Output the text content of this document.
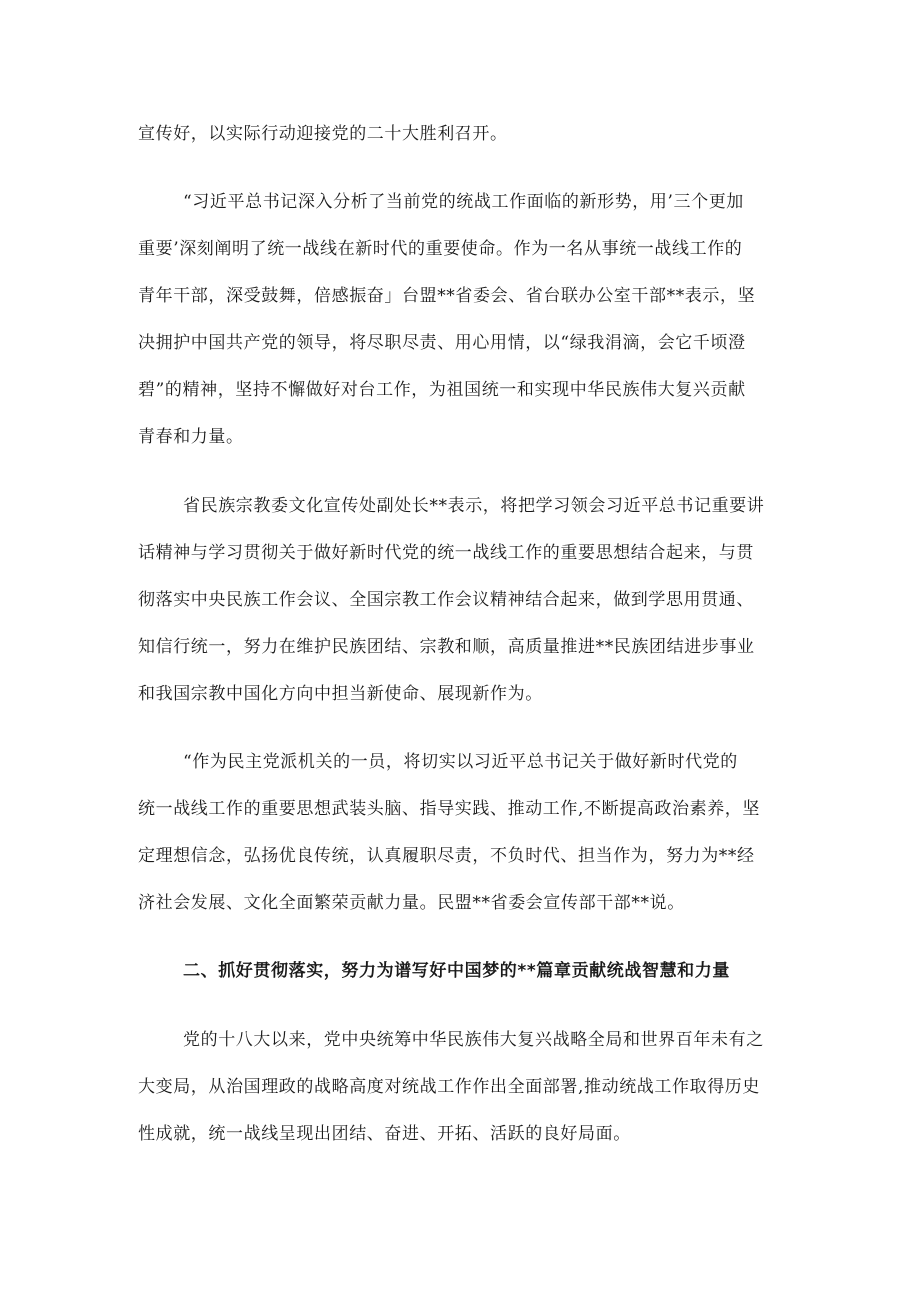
宣传好，以实际行动迎接党的二十大胜利召开。
“习近平总书记深入分析了当前党的统战工作面临的新形势，用’三个更加
重要’深刻阐明了统一战线在新时代的重要使命。作为一名从事统一战线工作的
青年干部，深受鼓舞，倍感振奋」台盟**省委会、省台联办公室干部**表示，坚
决拥护中国共产党的领导，将尽职尽责、用心用情，以“绿我涓滴，会它千顷澄
碧”的精神，坚持不懈做好对台工作，为祖国统一和实现中华民族伟大复兴贡献
青春和力量。
省民族宗教委文化宣传处副处长**表示，将把学习领会习近平总书记重要讲
话精神与学习贯彻关于做好新时代党的统一战线工作的重要思想结合起来，与贯
彻落实中央民族工作会议、全国宗教工作会议精神结合起来，做到学思用贯通、
知信行统一，努力在维护民族团结、宗教和顺，高质量推进**民族团结进步事业
和我国宗教中国化方向中担当新使命、展现新作为。
“作为民主党派机关的一员，将切实以习近平总书记关于做好新时代党的
统一战线工作的重要思想武装头脑、指导实践、推动工作,不断提高政治素养，坚
定理想信念，弘扬优良传统，认真履职尽责，不负时代、担当作为，努力为**经
济社会发展、文化全面繁荣贡献力量。民盟**省委会宣传部干部**说。
二、抓好贯彻落实，努力为谱写好中国梦的**篇章贡献统战智慧和力量
党的十八大以来，党中央统筹中华民族伟大复兴战略全局和世界百年未有之
大变局，从治国理政的战略高度对统战工作作出全面部署,推动统战工作取得历史
性成就，统一战线呈现出团结、奋进、开拓、活跃的良好局面。
